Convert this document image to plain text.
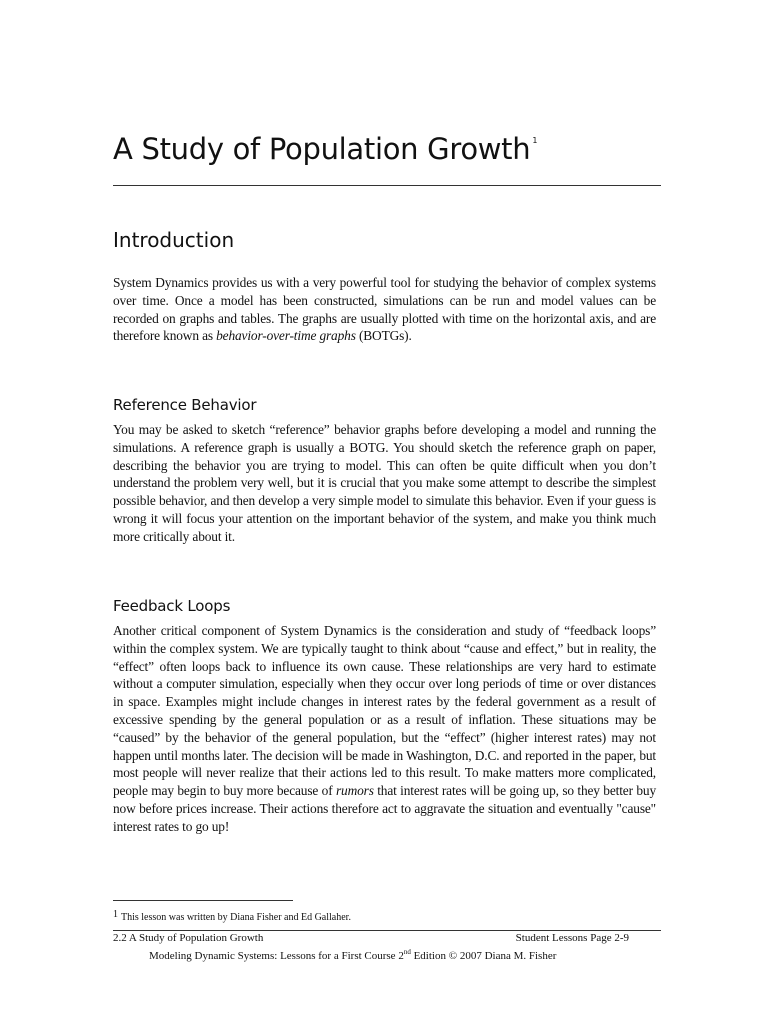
A Study of Population Growth $^1$
Introduction

System Dynamics provides us with a very powerful tool for studying the behavior of complex systems over time. Once a model has been constructed, simulations can be run and model values can be recorded on graphs and tables. The graphs are usually plotted with time on the horizontal axis, and are therefore known as behavior-over-time graphs (BOTGs).

Reference Behavior

You may be asked to sketch “reference” behavior graphs before developing a model and running the simulations. A reference graph is usually a BOTG. You should sketch the reference graph on paper, describing the behavior you are trying to model. This can often be quite difficult when you don’t understand the problem very well, but it is crucial that you make some attempt to describe the simplest possible behavior, and then develop a very simple model to simulate this behavior. Even if your guess is wrong it will focus your attention on the important behavior of the system, and make you think much more critically about it.

Feedback Loops

Another critical component of System Dynamics is the consideration and study of “feedback loops” within the complex system. We are typically taught to think about “cause and effect,” but in reality, the “effect” often loops back to influence its own cause. These relationships are very hard to estimate without a computer simulation, especially when they occur over long periods of time or over distances in space. Examples might include changes in interest rates by the federal government as a result of excessive spending by the general population or as a result of inflation. These situations may be “caused” by the behavior of the general population, but the “effect” (higher interest rates) may not happen until months later. The decision will be made in Washington, D.C. and reported in the paper, but most people will never realize that their actions led to this result. To make matters more complicated, people may begin to buy more because of rumors that interest rates will be going up, so they better buy now before prices increase. Their actions therefore act to aggravate the situation and eventually "cause" interest rates to go up!

1 This lesson was written by Diana Fisher and Ed Gallaher.

2.2 A Study of Population Growth	Student Lessons Page 2-9
Modeling Dynamic Systems: Lessons for a First Course 2nd Edition © 2007 Diana M. Fisher
